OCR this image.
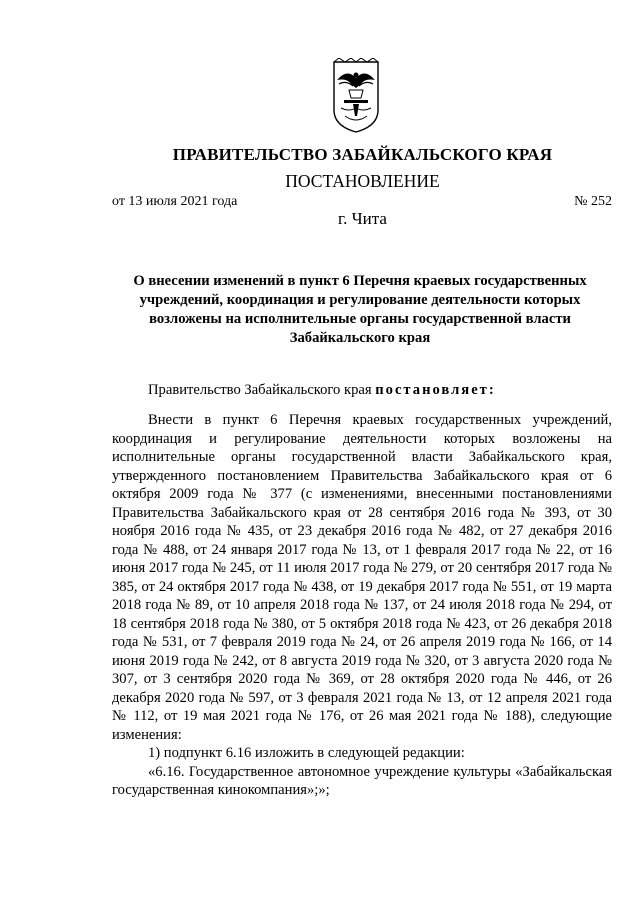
ПРАВИТЕЛЬСТВО ЗАБАЙКАЛЬСКОГО КРАЯ
ПОСТАНОВЛЕНИЕ
от 13 июля 2021 года	№ 252
г. Чита

О внесении изменений в пункт 6 Перечня краевых государственных учреждений, координация и регулирование деятельности которых возложены на исполнительные органы государственной власти Забайкальского края

Правительство Забайкальского края постановляет:

Внести в пункт 6 Перечня краевых государственных учреждений, координация и регулирование деятельности которых возложены на исполнительные органы государственной власти Забайкальского края, утвержденного постановлением Правительства Забайкальского края от 6 октября 2009 года № 377 (с изменениями, внесенными постановлениями Правительства Забайкальского края от 28 сентября 2016 года № 393, от 30 ноября 2016 года № 435, от 23 декабря 2016 года № 482, от 27 декабря 2016 года № 488, от 24 января 2017 года № 13, от 1 февраля 2017 года № 22, от 16 июня 2017 года № 245, от 11 июля 2017 года № 279, от 20 сентября 2017 года № 385, от 24 октября 2017 года № 438, от 19 декабря 2017 года № 551, от 19 марта 2018 года № 89, от 10 апреля 2018 года № 137, от 24 июля 2018 года № 294, от 18 сентября 2018 года № 380, от 5 октября 2018 года № 423, от 26 декабря 2018 года № 531, от 7 февраля 2019 года № 24, от 26 апреля 2019 года № 166, от 14 июня 2019 года № 242, от 8 августа 2019 года № 320, от 3 августа 2020 года № 307, от 3 сентября 2020 года № 369, от 28 октября 2020 года № 446, от 26 декабря 2020 года № 597, от 3 февраля 2021 года № 13, от 12 апреля 2021 года № 112, от 19 мая 2021 года № 176, от 26 мая 2021 года № 188), следующие изменения:

1) подпункт 6.16 изложить в следующей редакции:

«6.16. Государственное автономное учреждение культуры «Забайкальская государственная кинокомпания»;»;
